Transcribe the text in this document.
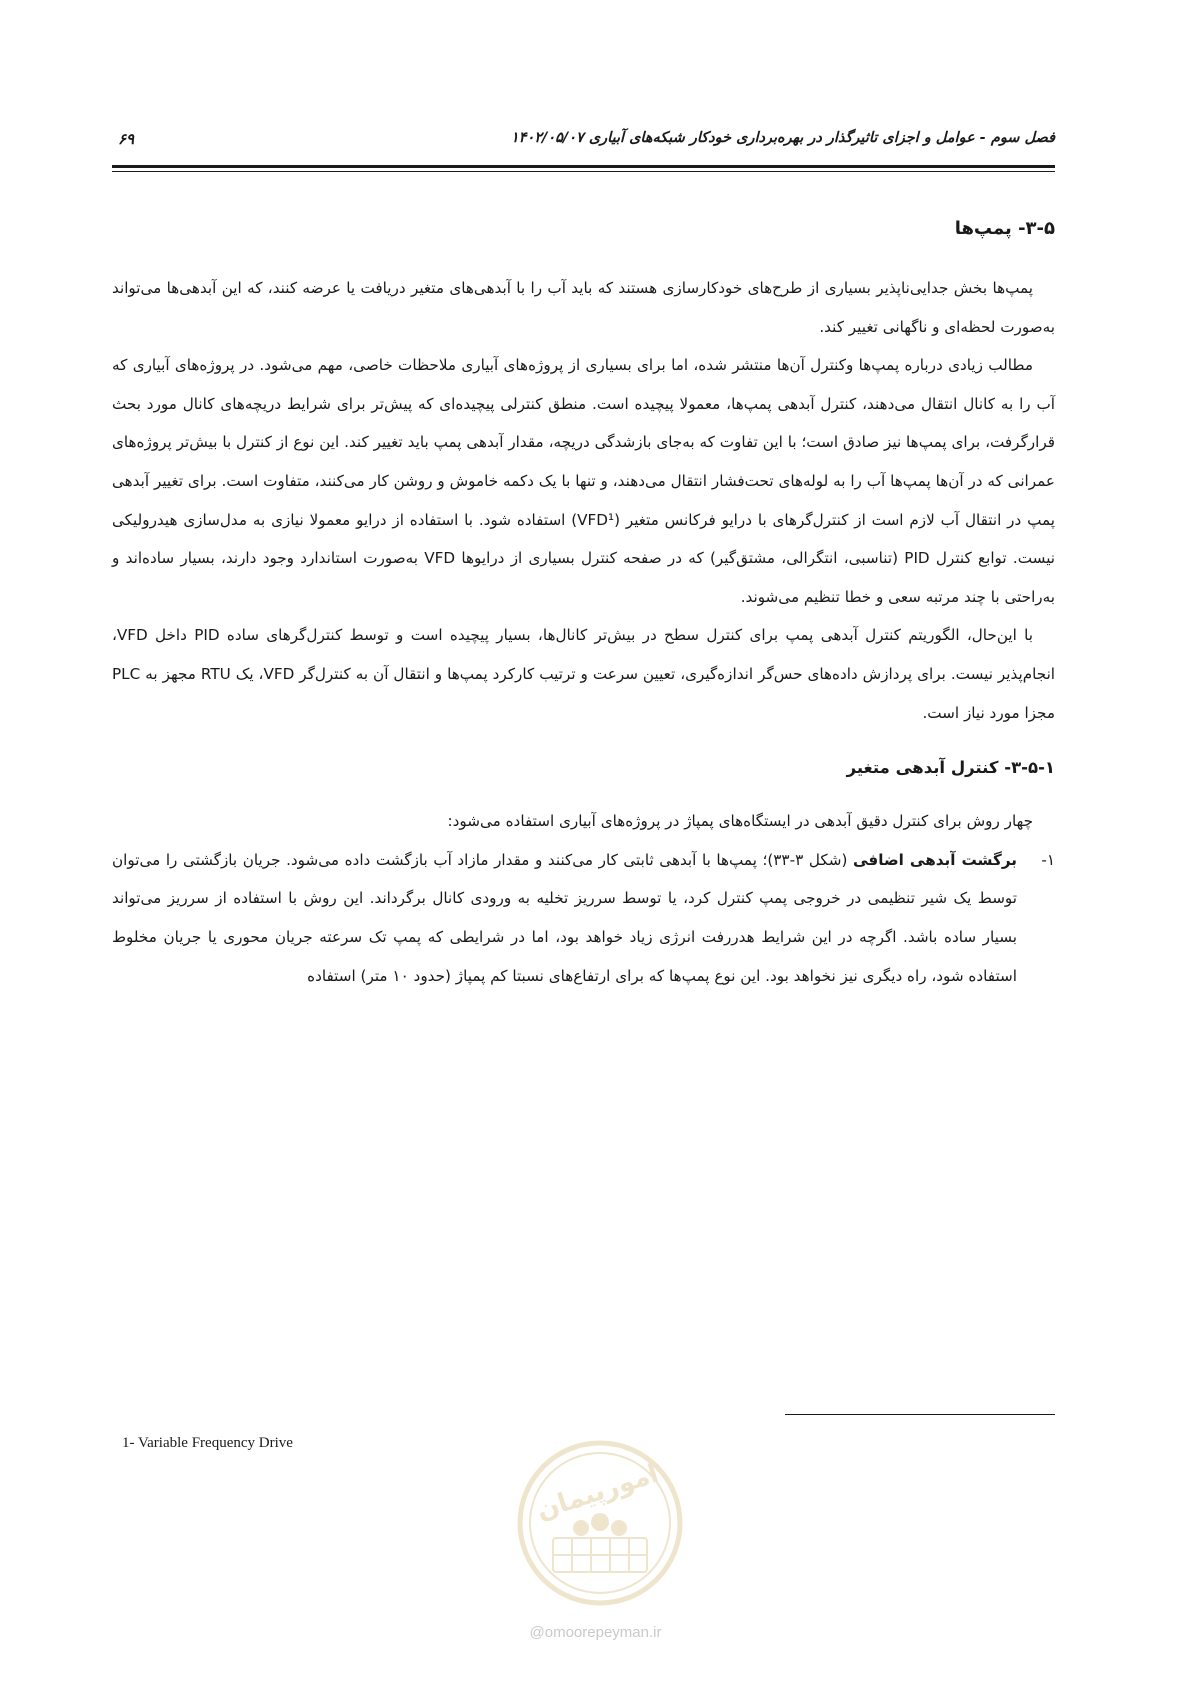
فصل سوم - عوامل و اجزای تاثیرگذار در بهره‌برداری خودکار شبکه‌های آبیاری ۱۴۰۲/۰۵/۰۷
۶۹
۳-۵- پمپ‌ها

پمپ‌ها بخش جدایی‌ناپذیر بسیاری از طرح‌های خودکارسازی هستند که باید آب را با آبدهی‌های متغیر دریافت یا عرضه کنند، که این آبدهی‌ها می‌تواند به‌صورت لحظه‌ای و ناگهانی تغییر کند.

مطالب زیادی درباره پمپ‌ها وکنترل آن‌ها منتشر شده، اما برای بسیاری از پروژه‌های آبیاری ملاحظات خاصی، مهم می‌شود. در پروژه‌های آبیاری که آب را به کانال انتقال می‌دهند، کنترل آبدهی پمپ‌ها، معمولا پیچیده است. منطق کنترلی پیچیده‌ای که پیش‌تر برای شرایط دریچه‌های کانال مورد بحث قرارگرفت، برای پمپ‌ها نیز صادق است؛ با این تفاوت که به‌جای بازشدگی دریچه، مقدار آبدهی پمپ باید تغییر کند. این نوع از کنترل با بیش‌تر پروژه‌های عمرانی که در آن‌ها پمپ‌ها آب را به لوله‌های تحت‌فشار انتقال می‌دهند، و تنها با یک دکمه خاموش و روشن کار می‌کنند، متفاوت است. برای تغییر آبدهی پمپ در انتقال آب لازم است از کنترل‌گرهای با درایو فرکانس متغیر (VFD¹) استفاده شود. با استفاده از درایو معمولا نیازی به مدل‌سازی هیدرولیکی نیست. توابع کنترل PID (تناسبی، انتگرالی، مشتق‌گیر) که در صفحه کنترل بسیاری از درایوها VFD به‌صورت استاندارد وجود دارند، بسیار ساده‌اند و به‌راحتی با چند مرتبه سعی و خطا تنظیم می‌شوند.

با این‌حال، الگوریتم کنترل آبدهی پمپ برای کنترل سطح در بیش‌تر کانال‌ها، بسیار پیچیده است و توسط کنترل‌گرهای ساده PID داخل VFD، انجام‌پذیر نیست. برای پردازش داده‌های حس‌گر اندازه‌گیری، تعیین سرعت و ترتیب کارکرد پمپ‌ها و انتقال آن به کنترل‌گر VFD، یک RTU مجهز به PLC مجزا مورد نیاز است.

۳-۵-۱- کنترل آبدهی متغیر

چهار روش برای کنترل دقیق آبدهی در ایستگاه‌های پمپاژ در پروژه‌های آبیاری استفاده می‌شود:

۱-
برگشت آبدهی اضافی (شکل ۳-۳۳)؛ پمپ‌ها با آبدهی ثابتی کار می‌کنند و مقدار مازاد آب بازگشت داده می‌شود. جریان بازگشتی را می‌توان توسط یک شیر تنظیمی در خروجی پمپ کنترل کرد، یا توسط سرریز تخلیه به ورودی کانال برگرداند. این روش با استفاده از سرریز می‌تواند بسیار ساده باشد. اگرچه در این شرایط هدررفت انرژی زیاد خواهد بود، اما در شرایطی که پمپ تک سرعته جریان محوری یا جریان مخلوط استفاده شود، راه دیگری نیز نخواهد بود. این نوع پمپ‌ها که برای ارتفاع‌های نسبتا کم پمپاژ (حدود ۱۰ متر) استفاده
1- Variable Frequency Drive
امورپیمان
@omoorepeyman.ir
